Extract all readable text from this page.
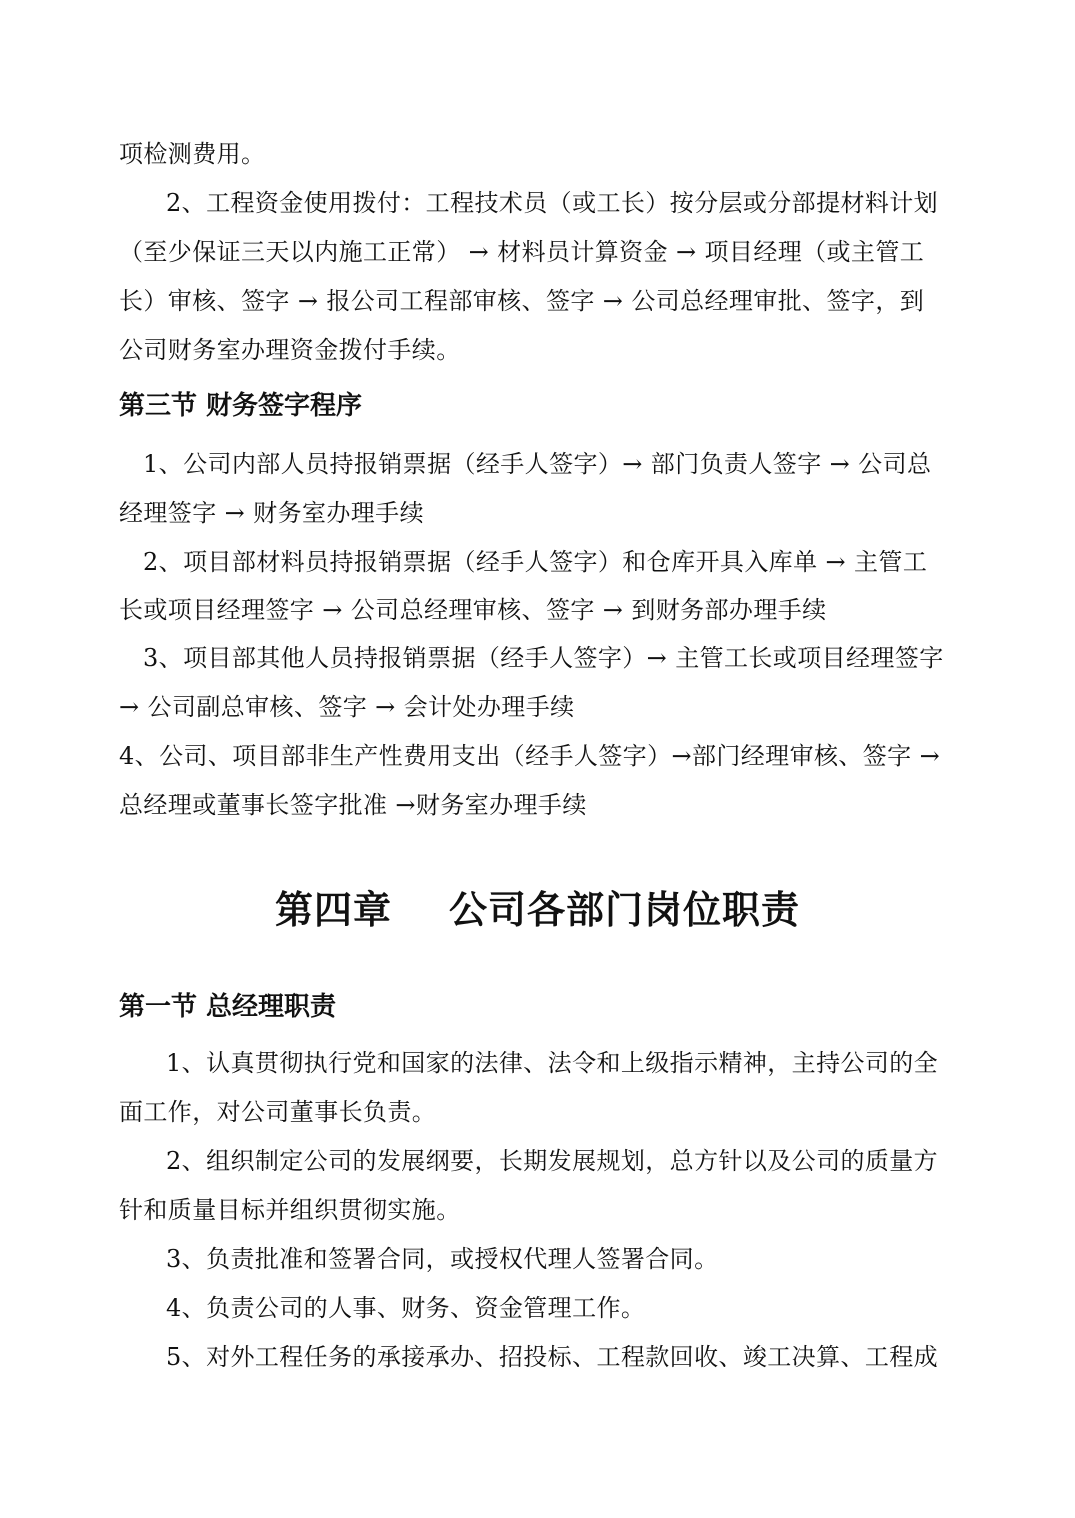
项检测费用。
2、工程资金使用拨付：工程技术员（或工长）按分层或分部提材料计划
（至少保证三天以内施工正常） → 材料员计算资金 → 项目经理（或主管工
长）审核、签字 → 报公司工程部审核、签字 → 公司总经理审批、签字，到
公司财务室办理资金拨付手续。
第三节 财务签字程序
1、公司内部人员持报销票据（经手人签字）→ 部门负责人签字 → 公司总
经理签字 → 财务室办理手续
2、项目部材料员持报销票据（经手人签字）和仓库开具入库单 → 主管工
长或项目经理签字 → 公司总经理审核、签字 → 到财务部办理手续
3、项目部其他人员持报销票据（经手人签字）→ 主管工长或项目经理签字
→ 公司副总审核、签字 → 会计处办理手续
4、公司、项目部非生产性费用支出（经手人签字）→部门经理审核、签字 →
总经理或董事长签字批准 →财务室办理手续
第四章    公司各部门岗位职责
第一节 总经理职责
1、认真贯彻执行党和国家的法律、法令和上级指示精神，主持公司的全
面工作，对公司董事长负责。
2、组织制定公司的发展纲要，长期发展规划，总方针以及公司的质量方
针和质量目标并组织贯彻实施。
3、负责批准和签署合同，或授权代理人签署合同。
4、负责公司的人事、财务、资金管理工作。
5、对外工程任务的承接承办、招投标、工程款回收、竣工决算、工程成
